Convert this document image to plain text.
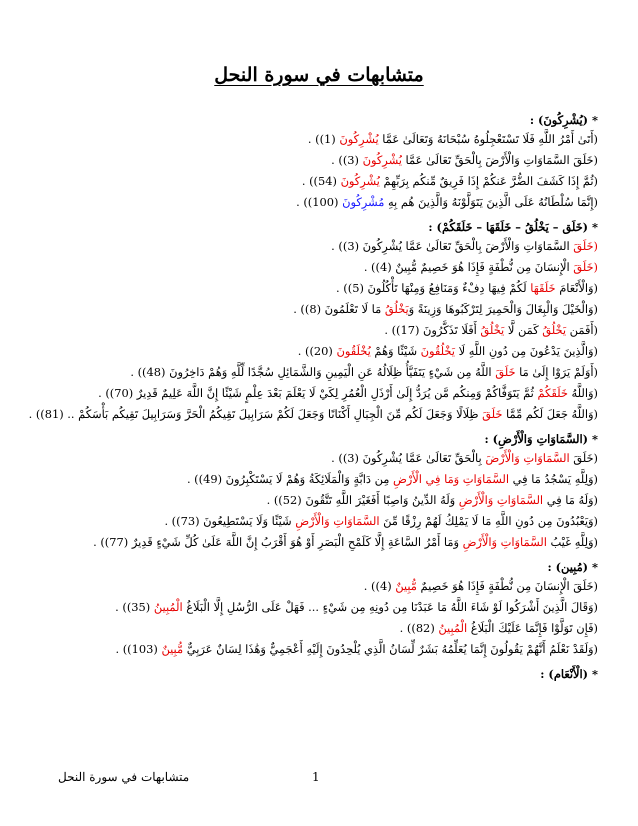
متشابهات في سورة النحل
* (يُشْرِكُونَ) :
(أَتَىٰ أَمْرُ اللَّهِ فَلَا تَسْتَعْجِلُوهُ سُبْحَانَهُ وَتَعَالَىٰ عَمَّا يُشْرِكُونَ (1)) .
(خَلَقَ السَّمَاوَاتِ وَالْأَرْضَ بِالْحَقِّ تَعَالَىٰ عَمَّا يُشْرِكُونَ (3)) .
(ثُمَّ إِذَا كَشَفَ الضُّرَّ عَنكُمْ إِذَا فَرِيقٌ مِّنكُم بِرَبِّهِمْ يُشْرِكُونَ (54)) .
(إِنَّمَا سُلْطَانُهُ عَلَى الَّذِينَ يَتَوَلَّوْنَهُ وَالَّذِينَ هُم بِهِ مُشْرِكُونَ (100)) .
* (خَلَق – يَخْلُقُ – خَلَقَهَا – خَلَقَكُمْ) :
(خَلَقَ السَّمَاوَاتِ وَالْأَرْضَ بِالْحَقِّ تَعَالَىٰ عَمَّا يُشْرِكُونَ (3)) .
(خَلَقَ الْإِنسَانَ مِن نُّطْفَةٍ فَإِذَا هُوَ خَصِيمٌ مُّبِينٌ (4)) .
(وَالْأَنْعَامَ خَلَقَهَا لَكُمْ فِيهَا دِفْءٌ وَمَنَافِعُ وَمِنْهَا تَأْكُلُونَ (5)) .
(وَالْخَيْلَ وَالْبِغَالَ وَالْحَمِيرَ لِتَرْكَبُوهَا وَزِينَةً وَيَخْلُقُ مَا لَا تَعْلَمُونَ (8)) .
(أَفَمَن يَخْلُقُ كَمَن لَّا يَخْلُقُ أَفَلَا تَذَكَّرُونَ (17)) .
(وَالَّذِينَ يَدْعُونَ مِن دُونِ اللَّهِ لَا يَخْلُقُونَ شَيْئًا وَهُمْ يُخْلَقُونَ (20)) .
(أَوَلَمْ يَرَوْا إِلَىٰ مَا خَلَقَ اللَّهُ مِن شَيْءٍ يَتَفَيَّأُ ظِلَالُهُ عَنِ الْيَمِينِ وَالشَّمَائِلِ سُجَّدًا لِّلَّهِ وَهُمْ دَاخِرُونَ (48)) .
(وَاللَّهُ خَلَقَكُمْ ثُمَّ يَتَوَفَّاكُمْ وَمِنكُم مَّن يُرَدُّ إِلَىٰ أَرْذَلِ الْعُمُرِ لِكَيْ لَا يَعْلَمَ بَعْدَ عِلْمٍ شَيْئًا إِنَّ اللَّهَ عَلِيمٌ قَدِيرٌ (70)) .
(وَاللَّهُ جَعَلَ لَكُم مِّمَّا خَلَقَ ظِلَالًا وَجَعَلَ لَكُم مِّنَ الْجِبَالِ أَكْنَانًا وَجَعَلَ لَكُمْ سَرَابِيلَ تَقِيكُمُ الْحَرَّ وَسَرَابِيلَ تَقِيكُم بَأْسَكُمْ .. (81)) .
* (السَّمَاوَاتِ وَالْأَرْضِ) :
(خَلَقَ السَّمَاوَاتِ وَالْأَرْضَ بِالْحَقِّ تَعَالَىٰ عَمَّا يُشْرِكُونَ (3)) .
(وَلِلَّهِ يَسْجُدُ مَا فِي السَّمَاوَاتِ وَمَا فِي الْأَرْضِ مِن دَابَّةٍ وَالْمَلَائِكَةُ وَهُمْ لَا يَسْتَكْبِرُونَ (49)) .
(وَلَهُ مَا فِي السَّمَاوَاتِ وَالْأَرْضِ وَلَهُ الدِّينُ وَاصِبًا أَفَغَيْرَ اللَّهِ تَتَّقُونَ (52)) .
(وَيَعْبُدُونَ مِن دُونِ اللَّهِ مَا لَا يَمْلِكُ لَهُمْ رِزْقًا مِّنَ السَّمَاوَاتِ وَالْأَرْضِ شَيْئًا وَلَا يَسْتَطِيعُونَ (73)) .
(وَلِلَّهِ غَيْبُ السَّمَاوَاتِ وَالْأَرْضِ وَمَا أَمْرُ السَّاعَةِ إِلَّا كَلَمْحِ الْبَصَرِ أَوْ هُوَ أَقْرَبُ إِنَّ اللَّهَ عَلَىٰ كُلِّ شَيْءٍ قَدِيرٌ (77)) .
* (مُبِين) :
(خَلَقَ الْإِنسَانَ مِن نُّطْفَةٍ فَإِذَا هُوَ خَصِيمٌ مُّبِينٌ (4)) .
(وَقَالَ الَّذِينَ أَشْرَكُوا لَوْ شَاءَ اللَّهُ مَا عَبَدْنَا مِن دُونِهِ مِن شَيْءٍ ... فَهَلْ عَلَى الرُّسُلِ إِلَّا الْبَلَاغُ الْمُبِينُ (35)) .
(فَإِن تَوَلَّوْا فَإِنَّمَا عَلَيْكَ الْبَلَاغُ الْمُبِينُ (82)) .
(وَلَقَدْ نَعْلَمُ أَنَّهُمْ يَقُولُونَ إِنَّمَا يُعَلِّمُهُ بَشَرٌ لِّسَانُ الَّذِي يُلْحِدُونَ إِلَيْهِ أَعْجَمِيٌّ وَهَٰذَا لِسَانٌ عَرَبِيٌّ مُّبِينٌ (103)) .
* (الْأَنْعَام) :
1
متشابهات في سورة النحل
